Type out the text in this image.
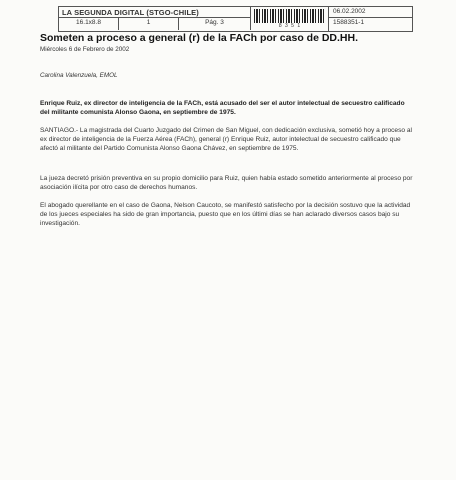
LA SEGUNDA DIGITAL (STGO-CHILE)
16.1x8.8	1	Pág. 3	8 3 5 1
06.02.2002
1588351-1
Someten a proceso a general (r) de la FACh por caso de DD.HH.
Miércoles 6 de Febrero de 2002
Carolina Valenzuela, EMOL

Enrique Ruiz, ex director de inteligencia de la FACh, está acusado del ser el autor intelectual de secuestro calificado del militante comunista Alonso Gaona, en septiembre de 1975.

SANTIAGO.- La magistrada del Cuarto Juzgado del Crimen de San Miguel, con dedicación exclusiva, sometió hoy a proceso al ex director de inteligencia de la Fuerza Aérea (FACh), general (r) Enrique Ruiz, autor intelectual de secuestro calificado que afectó al militante del Partido Comunista Alonso Gaona Chávez, en septiembre de 1975.

La jueza decretó prisión preventiva en su propio domicilio para Ruiz, quien había estado sometido anteriormente al proceso por asociación ilícita por otro caso de derechos humanos.

El abogado querellante en el caso de Gaona, Nelson Caucoto, se manifestó satisfecho por la decisión sostuvo que la actividad de los jueces especiales ha sido de gran importancia, puesto que en los últimi días se han aclarado diversos casos bajo su investigación.
